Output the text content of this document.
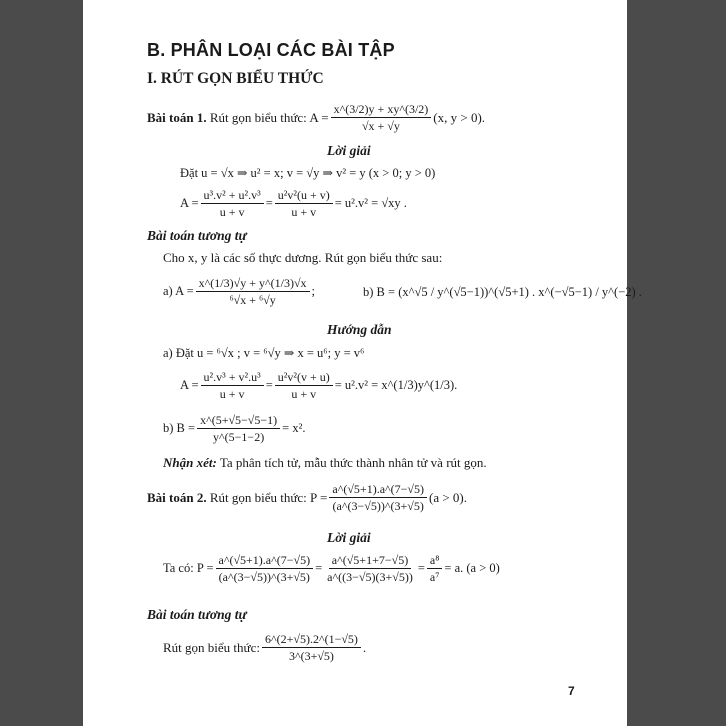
B. PHÂN LOẠI CÁC BÀI TẬP
I. RÚT GỌN BIỂU THỨC
Bài toán 1.
Rút gọn biểu thức: $A = \frac{x\^{}(3/2)y + xy\^{}(3/2)}{√x + √y} (x$, y > 0).
Lời giải
Đặt u = √x ⇒ u² = x; v = √y ⇒ v² = y (x > 0; y > 0)
$A = \frac{\text{u³.v² + u².v³}}{u + v} = \frac{\text{u²v²(u + v)}}{u + v} = u^2.v^2 = √xy$ .
Bài toán tương tự
Cho x, y là các số thực dương. Rút gọn biểu thức sau:
a) $A = \frac{x\^{}(1/3)√y + y\^{}(1/3)√x}{\text{⁶√x + ⁶√y}}$ ;	b) B = (x^√5 / y^(√5−1))^(√5+1) . x^(−√5−1) / y^(−2) .
Hướng dẫn
a) Đặt u = ⁶√x ; v = ⁶√y ⇒ x = u⁶; y = v⁶
$A = \frac{\text{u².v³ + v².u³}}{u + v} = \frac{\text{u²v²(v + u)}}{u + v} = u^2.v^2$ = x^(1/3)y^(1/3).
b) $B = \frac{x\^{}(5+√5-√5-1)}{y\^{}(5-1-2)} = x^2$.
Nhận xét: Ta phân tích tử, mẫu thức thành nhân tử và rút gọn.
Bài toán 2.
Rút gọn biểu thức: $P = \frac{a\^{}(√5+1).a\^{}(7-√5)}{(a\^{}(3-√5))\^{}(3+√5)} (a > 0)$.
Lời giải
Ta có: $P = \frac{a\^{}(√5+1).a\^{}(7-√5)}{(a\^{}(3-√5))\^{}(3+√5)} = \frac{a\^{}(√5+1+7-√5)}{a\^{}((3-√5)(3+√5))} = \frac{\text{a⁸}}{\text{a⁷}} = a$. (a > 0)
Bài toán tương tự
Rút gọn biểu thức: $\frac{6\^{}(2+√5).2\^{}(1-√5)}{3\^{}(3+√5)}$ .
7
